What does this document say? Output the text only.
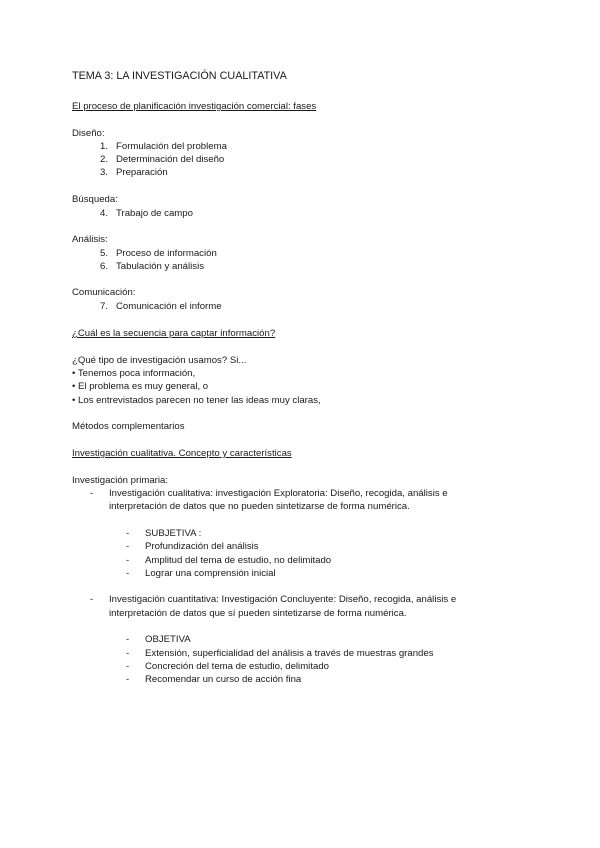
TEMA 3: LA INVESTIGACIÓN CUALITATIVA
El proceso de planificación investigación comercial: fases
Diseño:
1. Formulación del problema
2. Determinación del diseño
3. Preparación
Búsqueda:
4. Trabajo de campo
Análisis:
5. Proceso de información
6. Tabulación y análisis
Comunicación:
7. Comunicación el informe
¿Cuál es la secuencia para captar información?
¿Qué tipo de investigación usamos? Si...
• Tenemos poca información,
• El problema es muy general, o
• Los entrevistados parecen no tener las ideas muy claras,
Métodos complementarios
Investigación cualitativa. Concepto y características
Investigación primaria:
- Investigación cualitativa: investigación Exploratoria: Diseño, recogida, análisis e
interpretación de datos que no pueden sintetizarse de forma numérica.
- SUBJETIVA :
- Profundización del análisis
- Amplitud del tema de estudio, no delimitado
- Lograr una comprensión inicial
- Investigación cuantitativa: Investigación Concluyente: Diseño, recogida, análisis e
interpretación de datos que sí pueden sintetizarse de forma numérica.
- OBJETIVA
- Extensión, superficialidad del análisis a través de muestras grandes
- Concreción del tema de estudio, delimitado
- Recomendar un curso de acción fina
